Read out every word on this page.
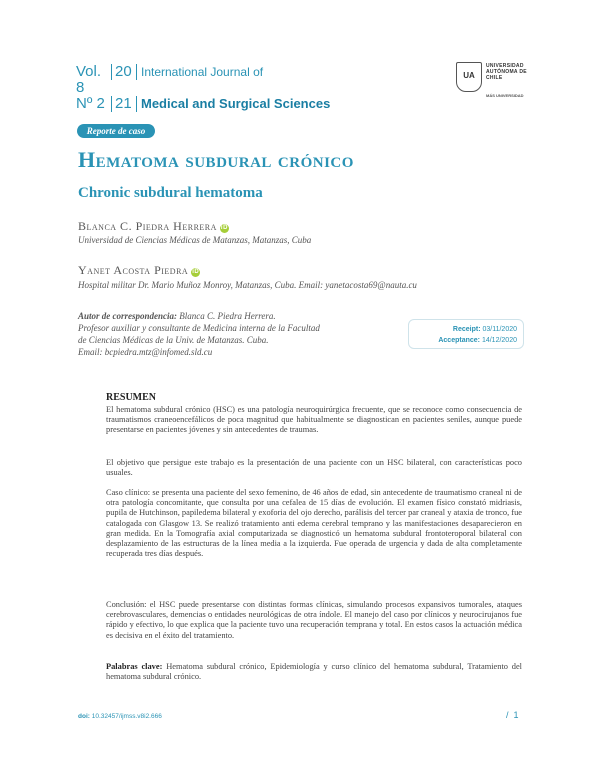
Vol. 8
20 International Journal of
Nº 2 21 Medical and Surgical Sciences
UA
UNIVERSIDAD AUTÓNOMA DE CHILE
MÁS UNIVERSIDAD
Reporte de caso
Hematoma subdural crónico
Chronic subdural hematoma
Blanca C. Piedra Herrera iD
Universidad de Ciencias Médicas de Matanzas, Matanzas, Cuba
Yanet Acosta Piedra iD
Hospital militar Dr. Mario Muñoz Monroy, Matanzas, Cuba. Email: yanetacosta69@nauta.cu
Autor de correspondencia: Blanca C. Piedra Herrera.
Profesor auxiliar y consultante de Medicina interna de la Facultad
de Ciencias Médicas de la Univ. de Matanzas. Cuba.
Email: bcpiedra.mtz@infomed.sld.cu
Receipt: 03/11/2020
Acceptance: 14/12/2020
RESUMEN
El hematoma subdural crónico (HSC) es una patología neuroquirúrgica frecuente, que se reconoce como consecuencia de traumatismos craneoencefálicos de poca magnitud que habitualmente se diagnostican en pacientes seniles, aunque puede presentarse en pacientes jóvenes y sin antecedentes de traumas.
El objetivo que persigue este trabajo es la presentación de una paciente con un HSC bilateral, con características poco usuales.
Caso clínico: se presenta una paciente del sexo femenino, de 46 años de edad, sin antecedente de traumatismo craneal ni de otra patología concomitante, que consulta por una cefalea de 15 días de evolución. El examen físico constató midriasis, pupila de Hutchinson, papiledema bilateral y exoforia del ojo derecho, parálisis del tercer par craneal y ataxia de tronco, fue catalogada con Glasgow 13. Se realizó tratamiento anti edema cerebral temprano y las manifestaciones desaparecieron en gran medida. En la Tomografía axial computarizada se diagnosticó un hematoma subdural frontoteroporal bilateral con desplazamiento de las estructuras de la línea media a la izquierda. Fue operada de urgencia y dada de alta completamente recuperada tres días después.
Conclusión: el HSC puede presentarse con distintas formas clínicas, simulando procesos expansivos tumorales, ataques cerebrovasculares, demencias o entidades neurológicas de otra índole. El manejo del caso por clínicos y neurocirujanos fue rápido y efectivo, lo que explica que la paciente tuvo una recuperación temprana y total. En estos casos la actuación médica es decisiva en el éxito del tratamiento.
Palabras clave: Hematoma subdural crónico, Epidemiología y curso clínico del hematoma subdural, Tratamiento del hematoma subdural crónico.
doi: 10.32457/ijmss.v8i2.666	/ 1
